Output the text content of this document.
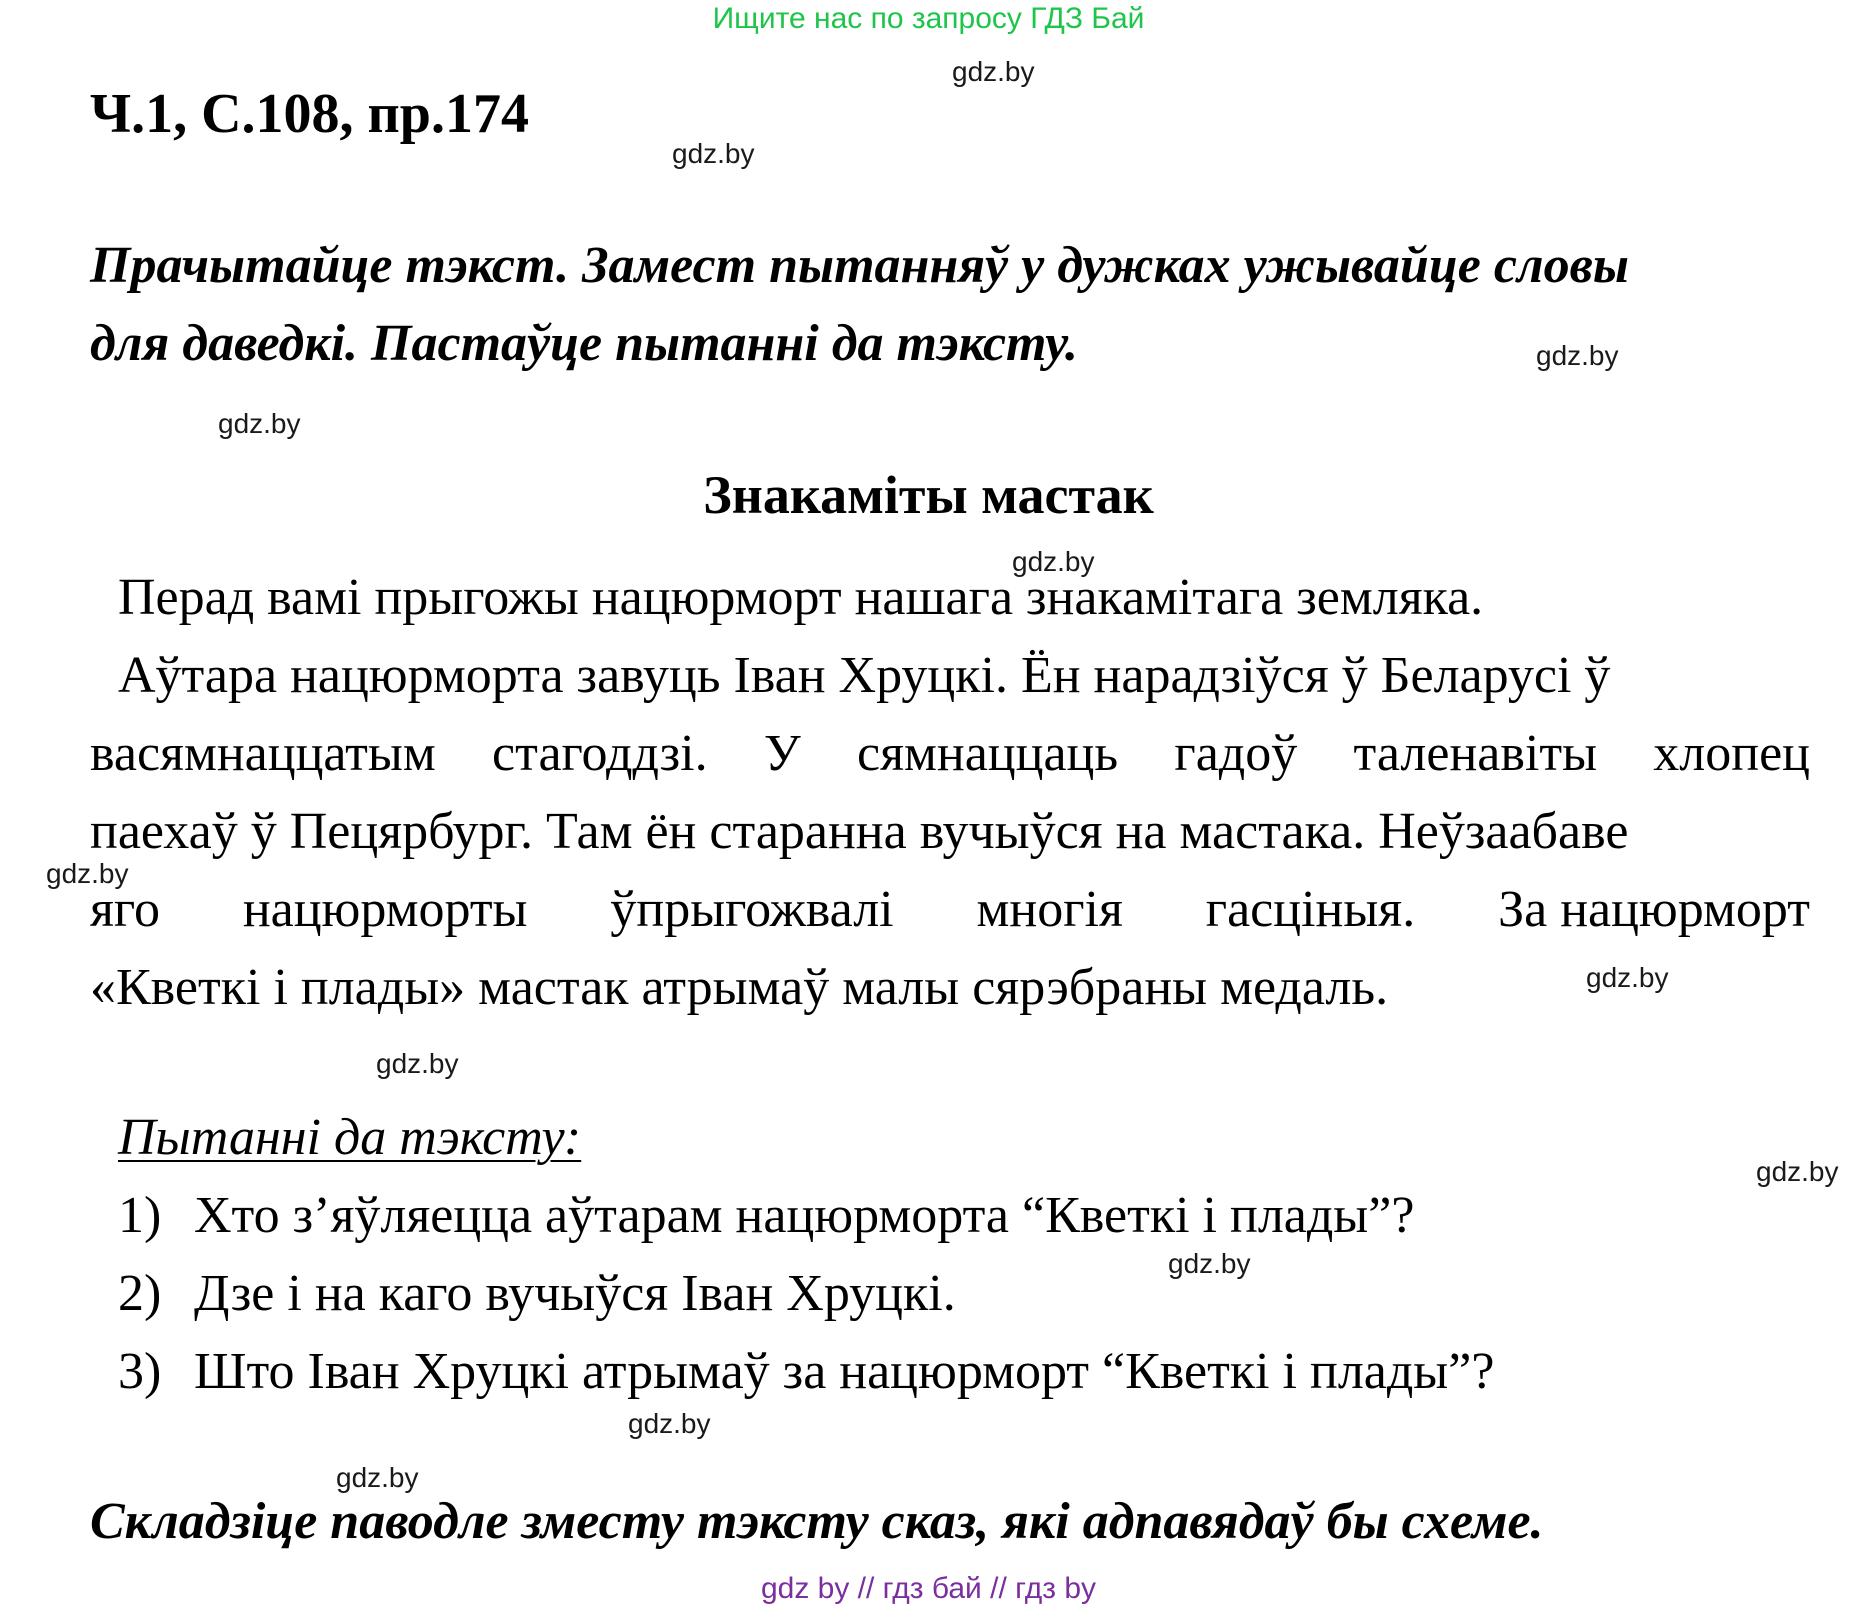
Ищите нас по запросу ГДЗ Бай
Ч.1, С.108, пр.174
Прачытайце тэкст. Замест пытанняў у дужках ужывайце словы
для даведкі. Пастаўце пытанні да тэксту.
Знакаміты мастак
Перад вамі прыгожы нацюрморт нашага знакамітага земляка.
Аўтара нацюрморта завуць Іван Хруцкі. Ён нарадзіўся ў Беларусі ў
васямнаццатым стагоддзі. У сямнаццаць гадоў таленавіты хлопец
паехаў ў Пецярбург. Там ён старанна вучыўся на мастака. Неўзаабаве
яго нацюрморты ўпрыгожвалі многія гасціныя. За нацюрморт
«Кветкі і плады» мастак атрымаў малы сярэбраны медаль.
Пытанні да тэксту:
1) Хто з’яўляецца аўтарам нацюрморта “Кветкі і плады”?
2) Дзе і на каго вучыўся Іван Хруцкі.
3) Што Іван Хруцкі атрымаў за нацюрморт “Кветкі і плады”?
Складзіце паводле зместу тэксту сказ, які адпавядаў бы схеме.
gdz.by
gdz.by
gdz.by
gdz.by
gdz.by
gdz.by
gdz.by
gdz.by
gdz.by
gdz.by
gdz.by
gdz.by
gdz by // гдз бай // гдз by
